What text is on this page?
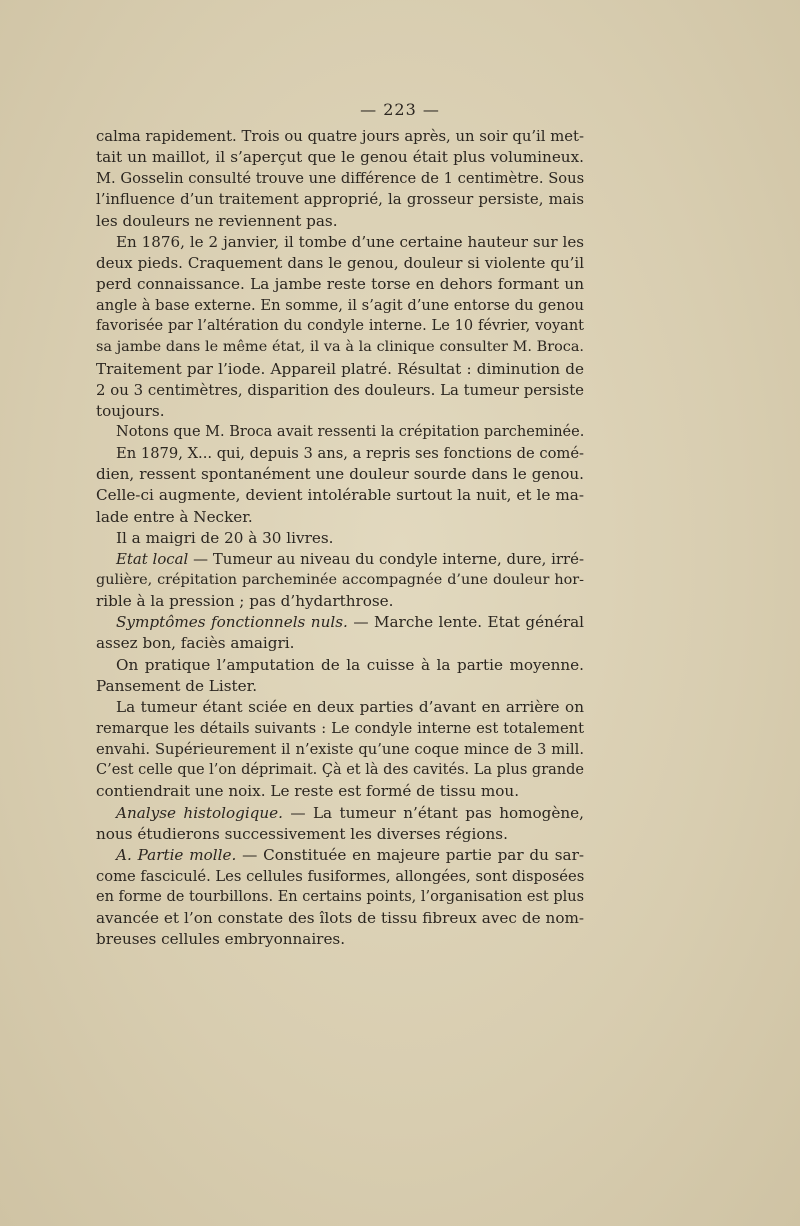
— 223 —
calma rapidement. Trois ou quatre jours après, un soir qu’il met-
tait un maillot, il s’aperçut que le genou était plus volumineux.
M. Gosselin consulté trouve une différence de 1 centimètre. Sous
l’influence d’un traitement approprié, la grosseur persiste, mais
les douleurs ne reviennent pas.
En 1876, le 2 janvier, il tombe d’une certaine hauteur sur les
deux pieds. Craquement dans le genou, douleur si violente qu’il
perd connaissance. La jambe reste torse en dehors formant un
angle à base externe. En somme, il s’agit d’une entorse du genou
favorisée par l’altération du condyle interne. Le 10 février, voyant
sa jambe dans le même état, il va à la clinique consulter M. Broca.
Traitement par l’iode. Appareil platré. Résultat : diminution de
2 ou 3 centimètres, disparition des douleurs. La tumeur persiste
toujours.
Notons que M. Broca avait ressenti la crépitation parcheminée.
En 1879, X... qui, depuis 3 ans, a repris ses fonctions de comé-
dien, ressent spontanément une douleur sourde dans le genou.
Celle-ci augmente, devient intolérable surtout la nuit, et le ma-
lade entre à Necker.
Il a maigri de 20 à 30 livres.
Etat local — Tumeur au niveau du condyle interne, dure, irré-
gulière, crépitation parcheminée accompagnée d’une douleur hor-
rible à la pression ; pas d’hydarthrose.
Symptômes fonctionnels nuls. — Marche lente. Etat général
assez bon, faciès amaigri.
On pratique l’amputation de la cuisse à la partie moyenne.
Pansement de Lister.
La tumeur étant sciée en deux parties d’avant en arrière on
remarque les détails suivants : Le condyle interne est totalement
envahi. Supérieurement il n’existe qu’une coque mince de 3 mill.
C’est celle que l’on déprimait. Çà et là des cavités. La plus grande
contiendrait une noix. Le reste est formé de tissu mou.
Analyse histologique. — La tumeur n’étant pas homogène,
nous étudierons successivement les diverses régions.
A. Partie molle. — Constituée en majeure partie par du sar-
come fasciculé. Les cellules fusiformes, allongées, sont disposées
en forme de tourbillons. En certains points, l’organisation est plus
avancée et l’on constate des îlots de tissu fibreux avec de nom-
breuses cellules embryonnaires.
